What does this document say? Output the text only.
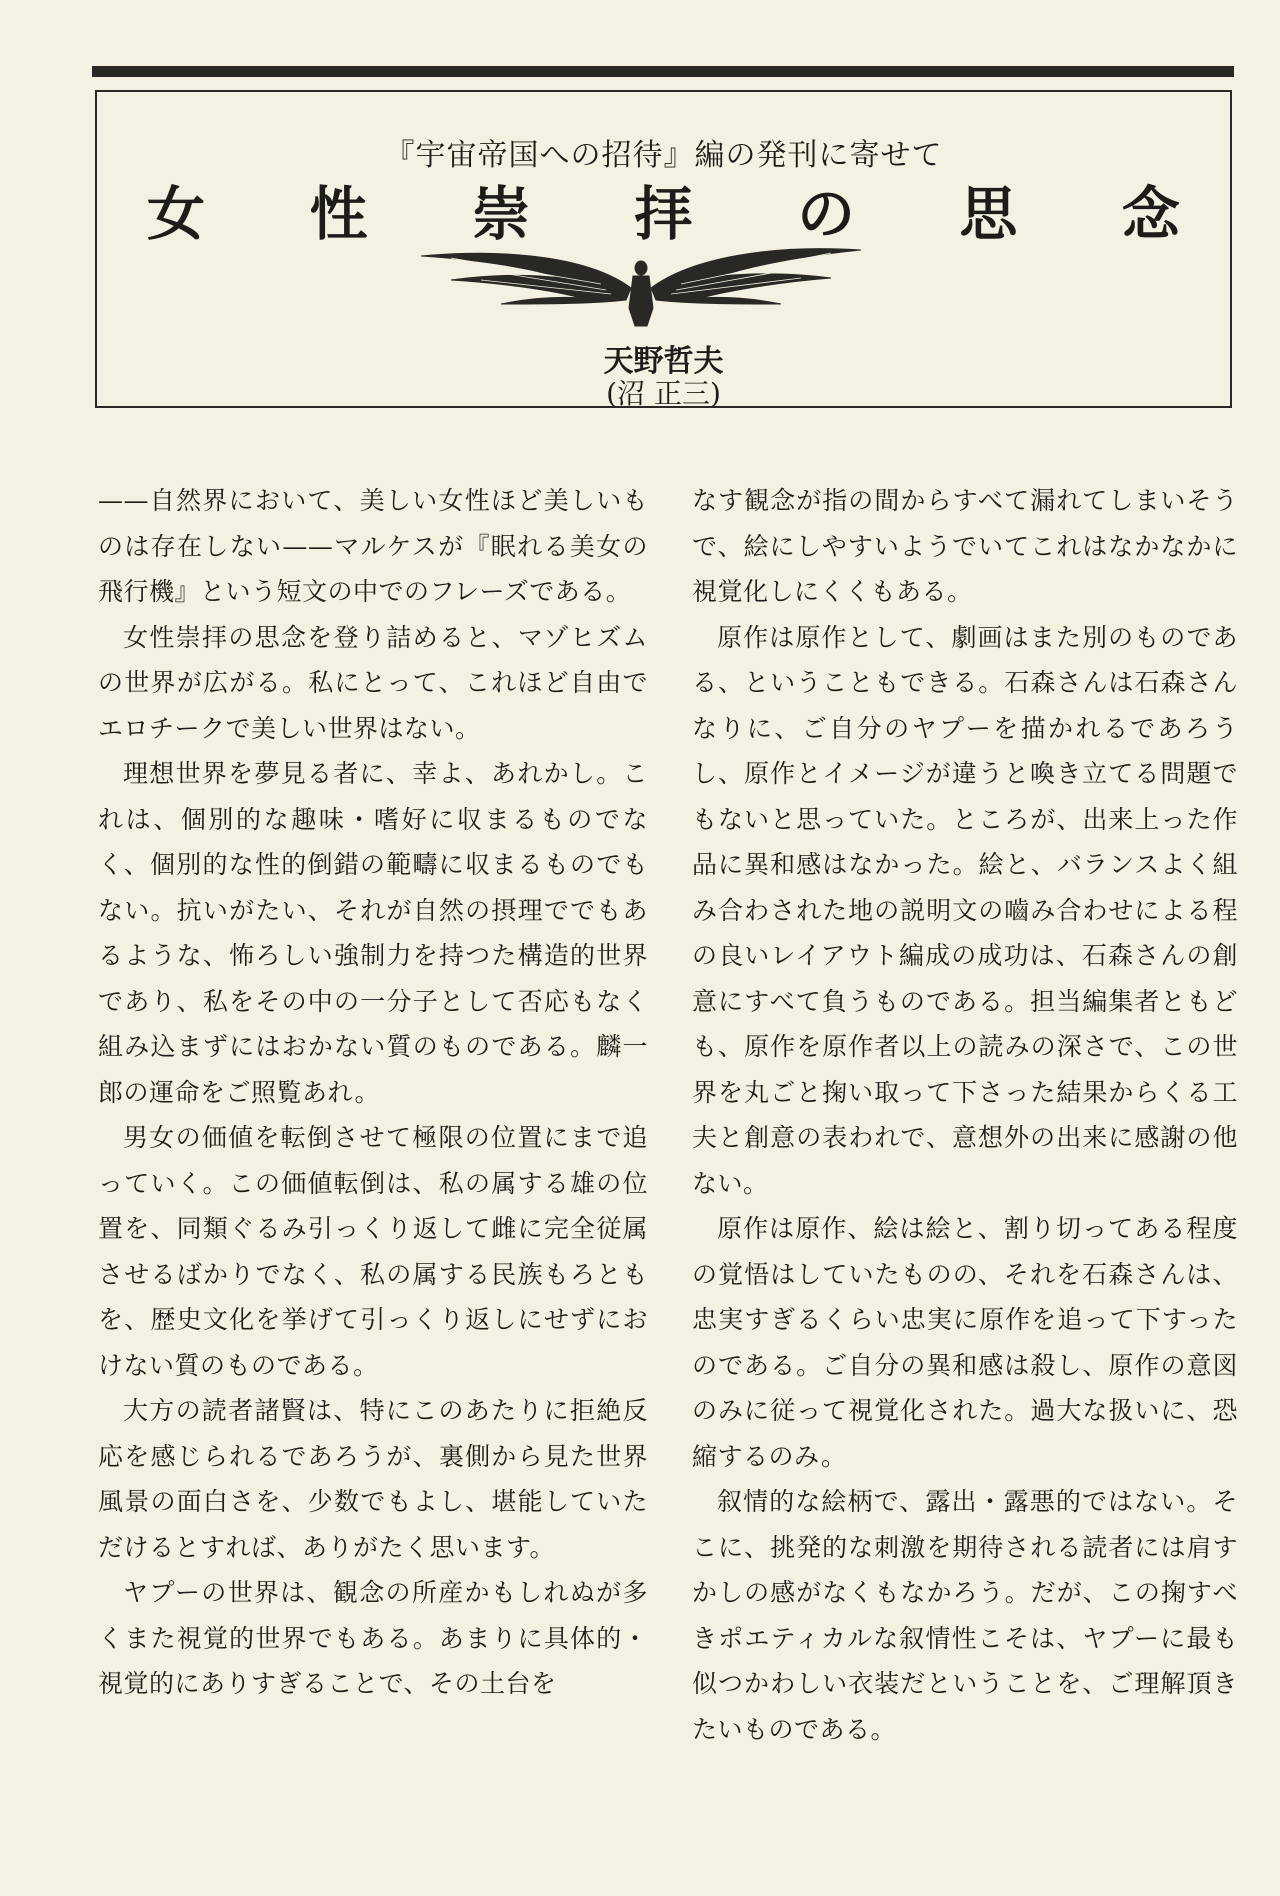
『宇宙帝国への招待』編の発刊に寄せて
女 性 崇 拝 の 思 念
天野哲夫
(沼 正三)

——自然界において、美しい女性ほど美しいものは存在しない——マルケスが『眠れる美女の飛行機』という短文の中でのフレーズである。

女性崇拝の思念を登り詰めると、マゾヒズムの世界が広がる。私にとって、これほど自由でエロチークで美しい世界はない。

理想世界を夢見る者に、幸よ、あれかし。これは、個別的な趣味・嗜好に収まるものでなく、個別的な性的倒錯の範疇に収まるものでもない。抗いがたい、それが自然の摂理ででもあるような、怖ろしい強制力を持つた構造的世界であり、私をその中の一分子として否応もなく組み込まずにはおかない質のものである。麟一郎の運命をご照覧あれ。

男女の価値を転倒させて極限の位置にまで追っていく。この価値転倒は、私の属する雄の位置を、同類ぐるみ引っくり返して雌に完全従属させるばかりでなく、私の属する民族もろともを、歴史文化を挙げて引っくり返しにせずにおけない質のものである。

大方の読者諸賢は、特にこのあたりに拒絶反応を感じられるであろうが、裏側から見た世界風景の面白さを、少数でもよし、堪能していただけるとすれば、ありがたく思います。

ヤプーの世界は、観念の所産かもしれぬが多くまた視覚的世界でもある。あまりに具体的・視覚的にありすぎることで、その土台を

なす観念が指の間からすべて漏れてしまいそうで、絵にしやすいようでいてこれはなかなかに視覚化しにくくもある。

原作は原作として、劇画はまた別のものである、ということもできる。石森さんは石森さんなりに、ご自分のヤプーを描かれるであろうし、原作とイメージが違うと喚き立てる問題でもないと思っていた。ところが、出来上った作品に異和感はなかった。絵と、バランスよく組み合わされた地の説明文の嚙み合わせによる程の良いレイアウト編成の成功は、石森さんの創意にすべて負うものである。担当編集者ともども、原作を原作者以上の読みの深さで、この世界を丸ごと掬い取って下さった結果からくる工夫と創意の表われで、意想外の出来に感謝の他ない。

原作は原作、絵は絵と、割り切ってある程度の覚悟はしていたものの、それを石森さんは、忠実すぎるくらい忠実に原作を追って下すったのである。ご自分の異和感は殺し、原作の意図のみに従って視覚化された。過大な扱いに、恐縮するのみ。

叙情的な絵柄で、露出・露悪的ではない。そこに、挑発的な刺激を期待される読者には肩すかしの感がなくもなかろう。だが、この掬すべきポエティカルな叙情性こそは、ヤプーに最も似つかわしい衣装だということを、ご理解頂きたいものである。
